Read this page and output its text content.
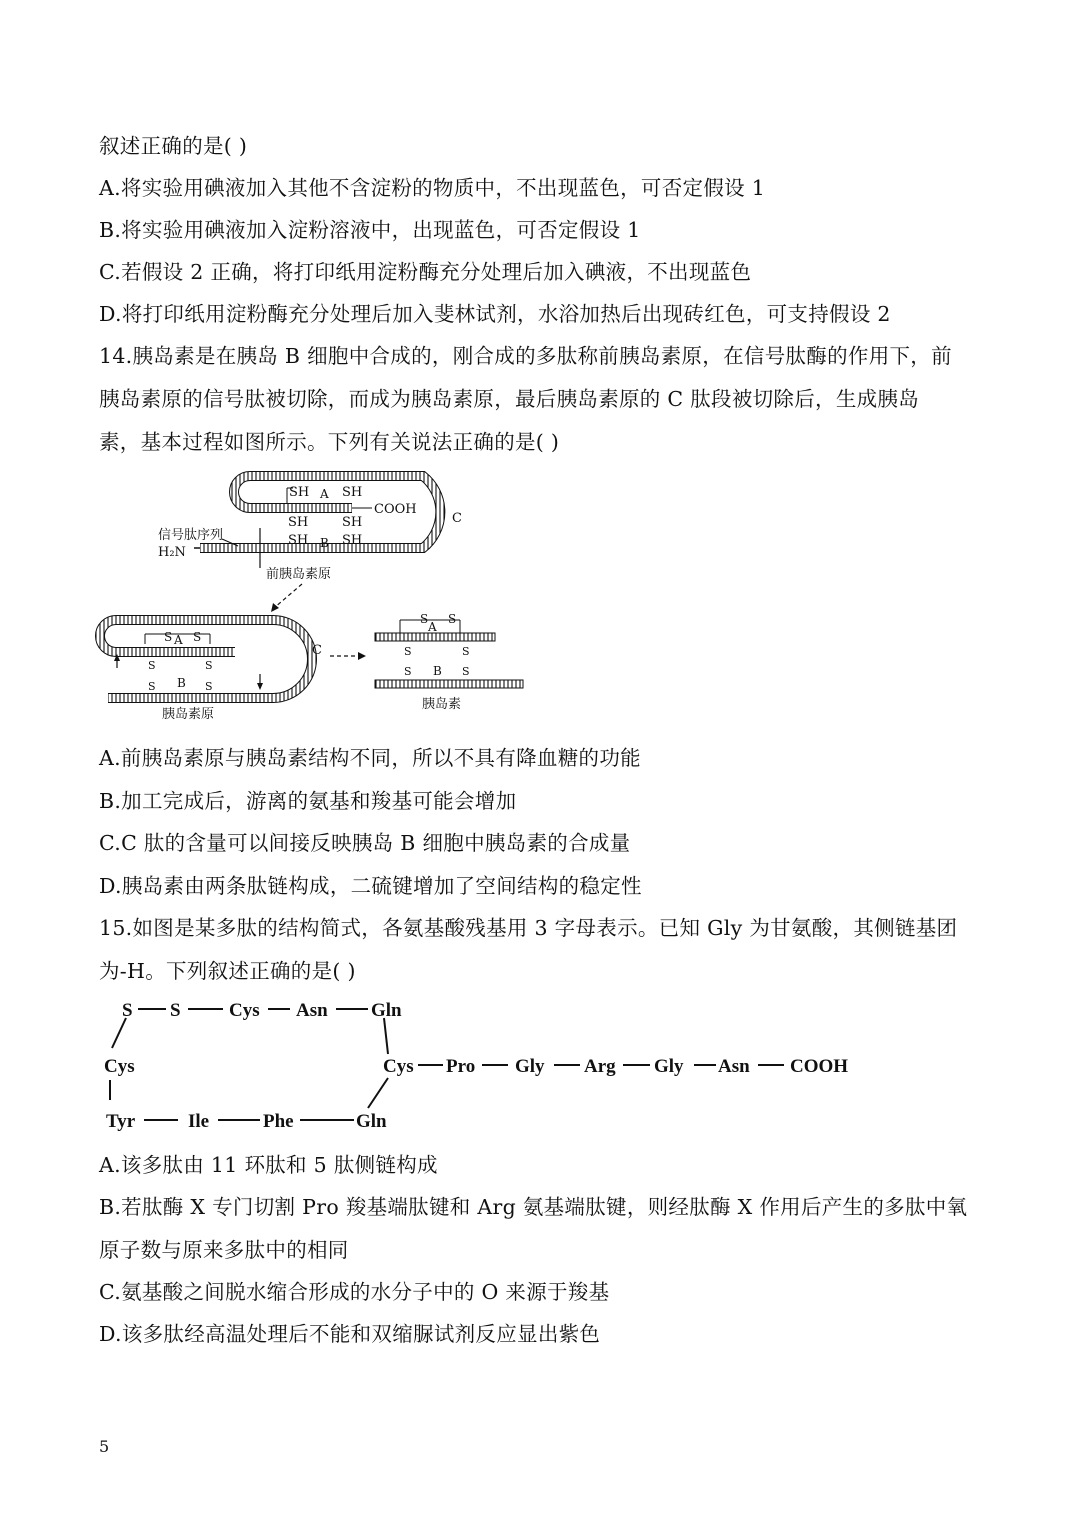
叙述正确的是( )
A.将实验用碘液加入其他不含淀粉的物质中，不出现蓝色，可否定假设 1
B.将实验用碘液加入淀粉溶液中，出现蓝色，可否定假设 1
C.若假设 2 正确，将打印纸用淀粉酶充分处理后加入碘液，不出现蓝色
D.将打印纸用淀粉酶充分处理后加入斐林试剂，水浴加热后出现砖红色，可支持假设 2
14.胰岛素是在胰岛 B 细胞中合成的，刚合成的多肽称前胰岛素原，在信号肽酶的作用下，前
胰岛素原的信号肽被切除，而成为胰岛素原，最后胰岛素原的 C 肽段被切除后，生成胰岛
素，基本过程如图所示。下列有关说法正确的是( )
SH A SH
COOH
C
SH	SH
SH B SH
信号肽序列
H₂N
前胰岛素原
S A S
S
S
S
S
B
C
胰岛素原
S
A
S
S
S
S
S
B
胰岛素
A.前胰岛素原与胰岛素结构不同，所以不具有降血糖的功能
B.加工完成后，游离的氨基和羧基可能会增加
C.C 肽的含量可以间接反映胰岛 B 细胞中胰岛素的合成量
D.胰岛素由两条肽链构成，二硫键增加了空间结构的稳定性
15.如图是某多肽的结构简式，各氨基酸残基用 3 字母表示。已知 Gly 为甘氨酸，其侧链基团
为-H。下列叙述正确的是( )
S S	Cys Asn Gln
Cys	Cys Pro Gly Arg Gly Asn COOH
Tyr	Ile	Phe	Gln
A.该多肽由 11 环肽和 5 肽侧链构成
B.若肽酶 X 专门切割 Pro 羧基端肽键和 Arg 氨基端肽键，则经肽酶 X 作用后产生的多肽中氧
原子数与原来多肽中的相同
C.氨基酸之间脱水缩合形成的水分子中的 O 来源于羧基
D.该多肽经高温处理后不能和双缩脲试剂反应显出紫色
5
